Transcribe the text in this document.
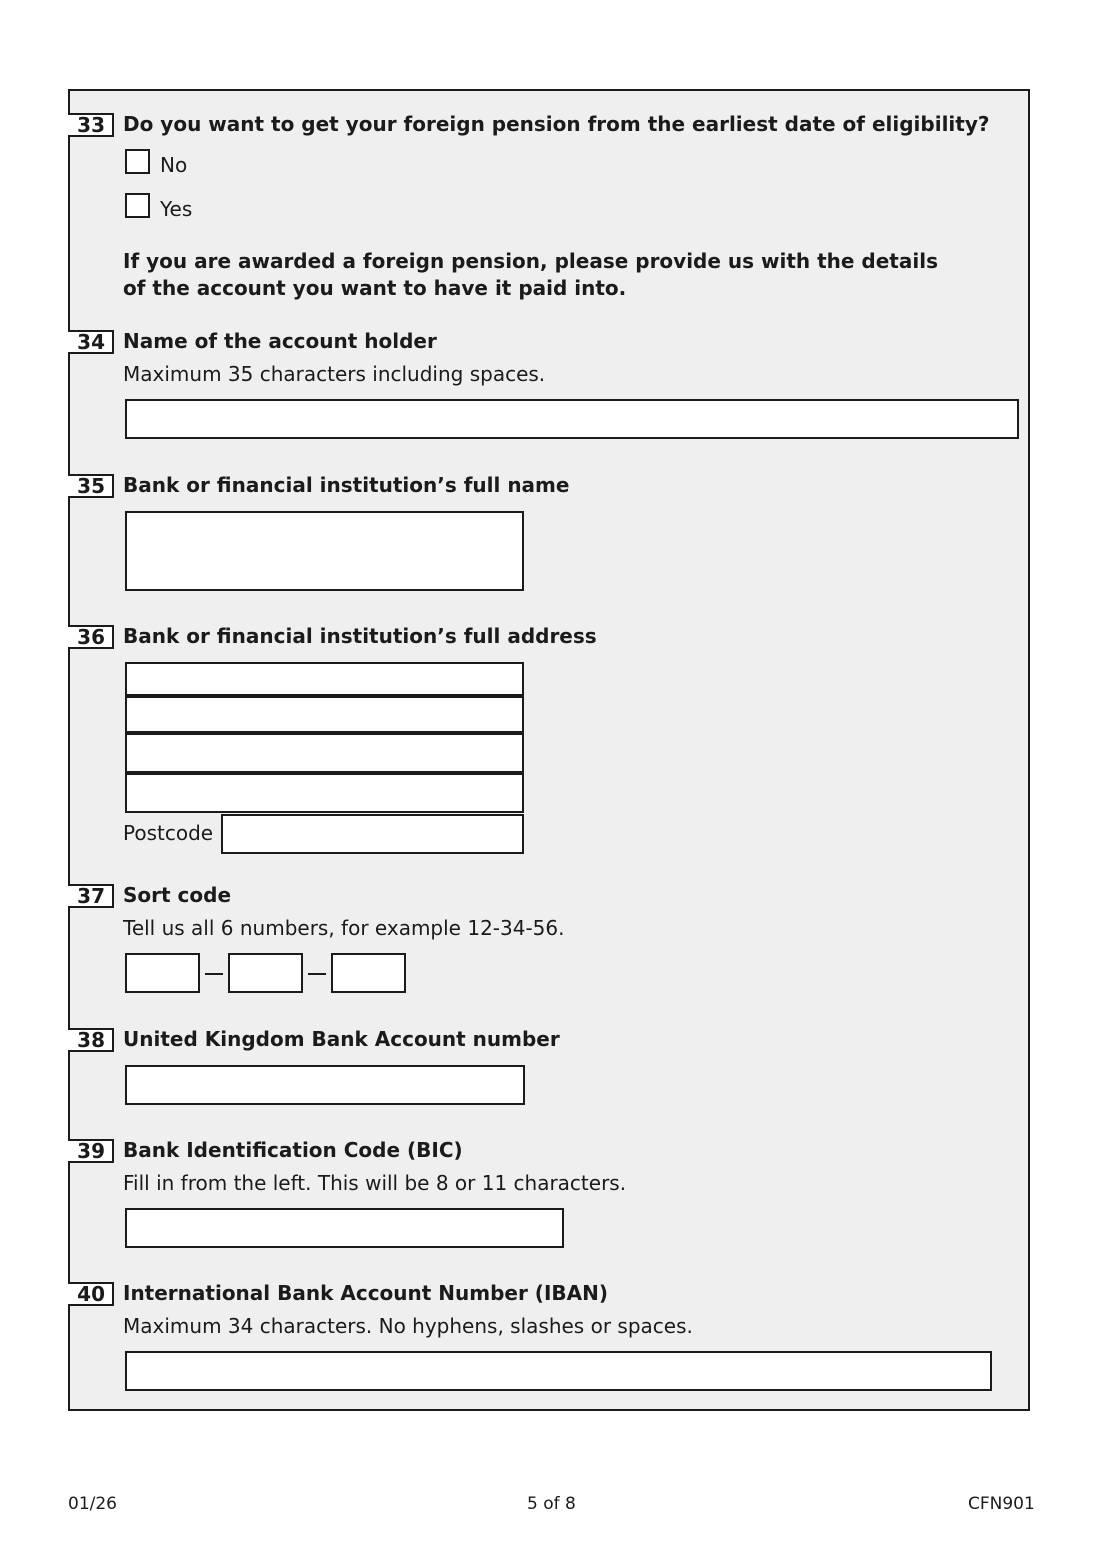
33 Do you want to get your foreign pension from the earliest date of eligibility?
No
Yes
If you are awarded a foreign pension, please provide us with the details
of the account you want to have it paid into.
34 Name of the account holder
Maximum 35 characters including spaces.
35 Bank or financial institution’s full name
36 Bank or financial institution’s full address
Postcode
37 Sort code
Tell us all 6 numbers, for example 12-34-56.
38 United Kingdom Bank Account number
39 Bank Identification Code (BIC)
Fill in from the left. This will be 8 or 11 characters.
40 International Bank Account Number (IBAN)
Maximum 34 characters. No hyphens, slashes or spaces.
01/26	5 of 8	CFN901
